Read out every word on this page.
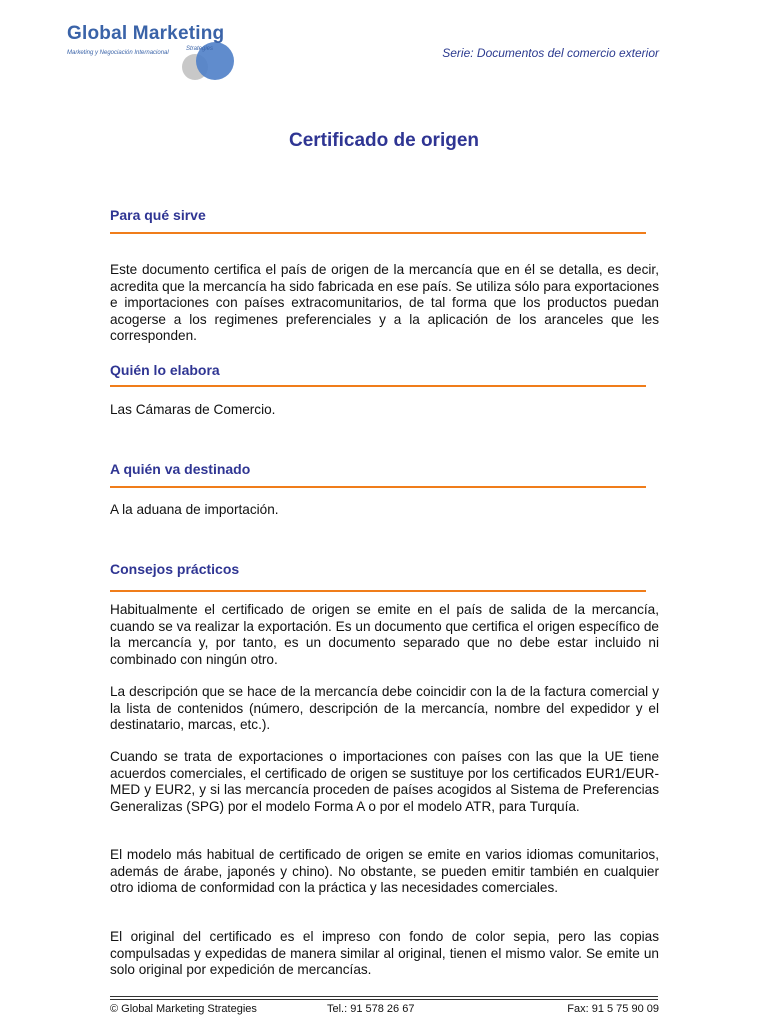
Global Marketing
Marketing y Negociación Internacional
Strategies	Serie: Documentos del comercio exterior
Certificado de origen
Para qué sirve
Este documento certifica el país de origen de la mercancía que en él se detalla, es decir, acredita que la mercancía ha sido fabricada en ese país. Se utiliza sólo para exportaciones e importaciones con países extracomunitarios, de tal forma que los productos puedan acogerse a los regimenes preferenciales y a la aplicación de los aranceles que les corresponden.
Quién lo elabora
Las Cámaras de Comercio.
A quién va destinado
A la aduana de importación.
Consejos prácticos
Habitualmente el certificado de origen se emite en el país de salida de la mercancía, cuando se va realizar la exportación. Es un documento que certifica el origen específico de la mercancía y, por tanto, es un documento separado que no debe estar incluido ni combinado con ningún otro.
La descripción que se hace de la mercancía debe coincidir con la de la factura comercial y la lista de contenidos (número, descripción de la mercancía, nombre del expedidor y el destinatario, marcas, etc.).
Cuando se trata de exportaciones o importaciones con países con las que la UE tiene acuerdos comerciales, el certificado de origen se sustituye por los certificados EUR1/EUR-MED y EUR2, y si las mercancía proceden de países acogidos al Sistema de Preferencias Generalizas (SPG) por el modelo Forma A o por el modelo ATR, para Turquía.
El modelo más habitual de certificado de origen se emite en varios idiomas comunitarios, además de árabe, japonés y chino). No obstante, se pueden emitir también en cualquier otro idioma de conformidad con la práctica y las necesidades comerciales.
El original del certificado es el impreso con fondo de color sepia, pero las copias compulsadas y expedidas de manera similar al original, tienen el mismo valor. Se emite un solo original por expedición de mercancías.
© Global Marketing Strategies	Tel.: 91 578 26 67	Fax: 91 5 75 90 09
